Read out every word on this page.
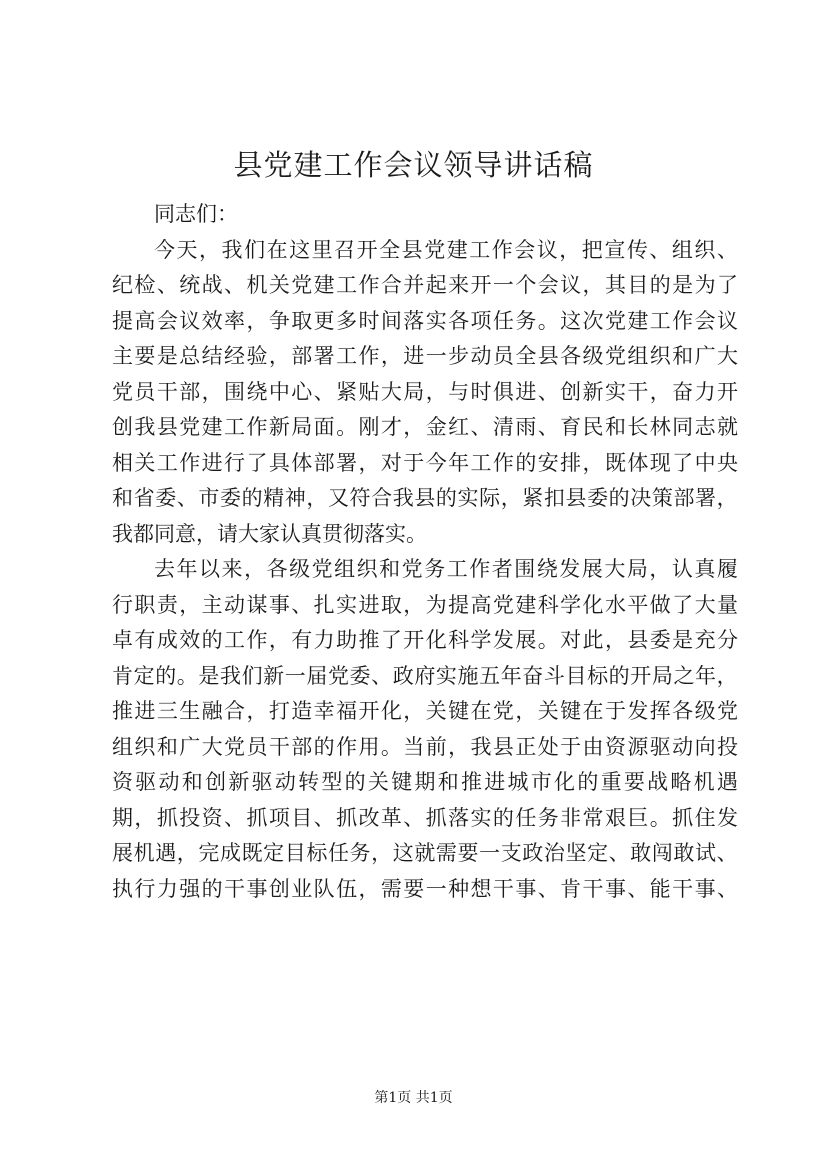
县党建工作会议领导讲话稿
同志们：
今 天 ， 我 们 在 这 里 召 开 全 县 党 建 工 作 会 议 ， 把 宣 传 、 组 织 、
纪 检 、 统 战 、 机 关 党 建 工 作 合 并 起 来 开 一 个 会 议 ， 其 目 的 是 为 了
提 高 会 议 效 率 ， 争 取 更 多 时 间 落 实 各 项 任 务 。 这 次 党 建 工 作 会 议
主 要 是 总 结 经 验 ， 部 署 工 作 ， 进 一 步 动 员 全 县 各 级 党 组 织 和 广 大
党 员 干 部 ， 围 绕 中 心 、 紧 贴 大 局 ， 与 时 俱 进 、 创 新 实 干 ， 奋 力 开
创 我 县 党 建 工 作 新 局 面 。 刚 才 ， 金 红 、 清 雨 、 育 民 和 长 林 同 志 就
相 关 工 作 进 行 了 具 体 部 署 ， 对 于 今 年 工 作 的 安 排 ， 既 体 现 了 中 央
和 省 委 、 市 委 的 精 神 ， 又 符 合 我 县 的 实 际 ， 紧 扣 县 委 的 决 策 部 署 ，
我都同意，请大家认真贯彻落实。
去 年 以 来 ， 各 级 党 组 织 和 党 务 工 作 者 围 绕 发 展 大 局 ， 认 真 履
行 职 责 ， 主 动 谋 事 、 扎 实 进 取 ， 为 提 高 党 建 科 学 化 水 平 做 了 大 量
卓 有 成 效 的 工 作 ， 有 力 助 推 了 开 化 科 学 发 展 。 对 此 ， 县 委 是 充 分
肯 定 的 。 是 我 们 新 一 届 党 委 、 政 府 实 施 五 年 奋 斗 目 标 的 开 局 之 年 ，
推 进 三 生 融 合 ， 打 造 幸 福 开 化 ， 关 键 在 党 ， 关 键 在 于 发 挥 各 级 党
组 织 和 广 大 党 员 干 部 的 作 用 。 当 前 ， 我 县 正 处 于 由 资 源 驱 动 向 投
资 驱 动 和 创 新 驱 动 转 型 的 关 键 期 和 推 进 城 市 化 的 重 要 战 略 机 遇
期 ， 抓 投 资 、 抓 项 目 、 抓 改 革 、 抓 落 实 的 任 务 非 常 艰 巨 。 抓 住 发
展 机 遇 ， 完 成 既 定 目 标 任 务 ， 这 就 需 要 一 支 政 治 坚 定 、 敢 闯 敢 试 、
执 行 力 强 的 干 事 创 业 队 伍 ， 需 要 一 种 想 干 事 、 肯 干 事 、 能 干 事 、
第1页 共1页
